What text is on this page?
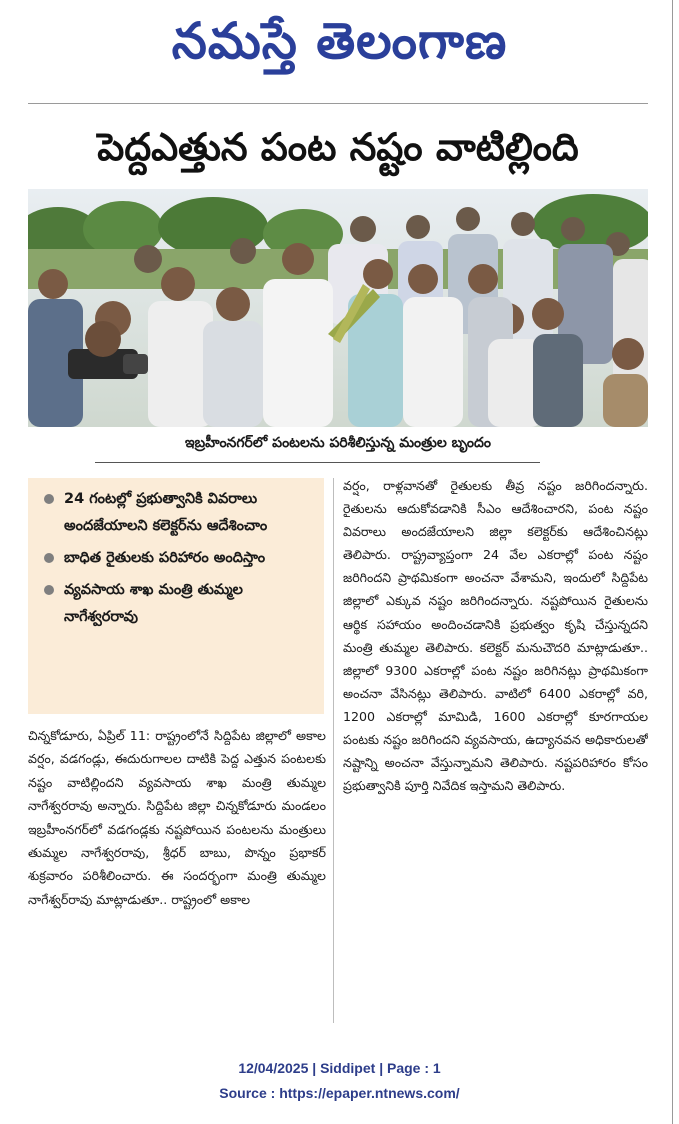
నమస్తే తెలంగాణ
పెద్దఎత్తున పంట నష్టం వాటిల్లింది
ఇబ్రహీంనగర్‌లో పంటలను పరిశీలిస్తున్న మంత్రుల బృందం
24 గంటల్లో ప్రభుత్వానికి వివరాలు అందజేయాలని కలెక్టర్‌ను ఆదేశించాం
బాధిత రైతులకు పరిహారం అందిస్తాం
వ్యవసాయ శాఖ మంత్రి తుమ్మల నాగేశ్వరరావు
చిన్నకోడూరు, ఏప్రిల్ 11: రాష్ట్రంలోనే సిద్దిపేట జిల్లాలో అకాల వర్షం, వడగండ్లు, ఈదురుగాలల దాటికి పెద్ద ఎత్తున పంటలకు నష్టం వాటిల్లిందని వ్యవసాయ శాఖ మంత్రి తుమ్మల నాగేశ్వరరావు అన్నారు. సిద్దిపేట జిల్లా చిన్నకోడూరు మండలం ఇబ్రహీంనగర్‌లో వడగండ్లకు నష్టపోయిన పంటలను మంత్రులు తుమ్మల నాగేశ్వరరావు, శ్రీధర్ బాబు, పొన్నం ప్రభాకర్ శుక్రవారం పరిశీలించారు. ఈ సందర్భంగా మంత్రి తుమ్మల నాగేశ్వర్‌రావు మాట్లాడుతూ.. రాష్ట్రంలో అకాల
వర్షం, రాళ్లవానతో రైతులకు తీవ్ర నష్టం జరిగిందన్నారు. రైతులను ఆదుకోవడానికి సీఎం ఆదేశించారని, పంట నష్టం వివరాలు అందజేయాలని జిల్లా కలెక్టర్‌కు ఆదేశించినట్లు తెలిపారు. రాష్ట్రవ్యాప్తంగా 24 వేల ఎకరాల్లో పంట నష్టం జరిగిందని ప్రాథమికంగా అంచనా వేశామని, ఇందులో సిద్దిపేట జిల్లాలో ఎక్కువ నష్టం జరిగిందన్నారు. నష్టపోయిన రైతులను ఆర్థిక సహాయం అందించడానికి ప్రభుత్వం కృషి చేస్తున్నదని మంత్రి తుమ్మల తెలిపారు. కలెక్టర్ మనుచౌదరి మాట్లాడుతూ.. జిల్లాలో 9300 ఎకరాల్లో పంట నష్టం జరిగినట్లు ప్రాథమికంగా అంచనా వేసినట్లు తెలిపారు. వాటిలో 6400 ఎకరాల్లో వరి, 1200 ఎకరాల్లో మామిడి, 1600 ఎకరాల్లో కూరగాయల పంటకు నష్టం జరిగిందని వ్యవసాయ, ఉద్యానవన అధికారులతో నష్టాన్ని అంచనా వేస్తున్నామని తెలిపారు. నష్టపరిహారం కోసం ప్రభుత్వానికి పూర్తి నివేదిక ఇస్తామని తెలిపారు.
12/04/2025 | Siddipet | Page : 1
Source : https://epaper.ntnews.com/
